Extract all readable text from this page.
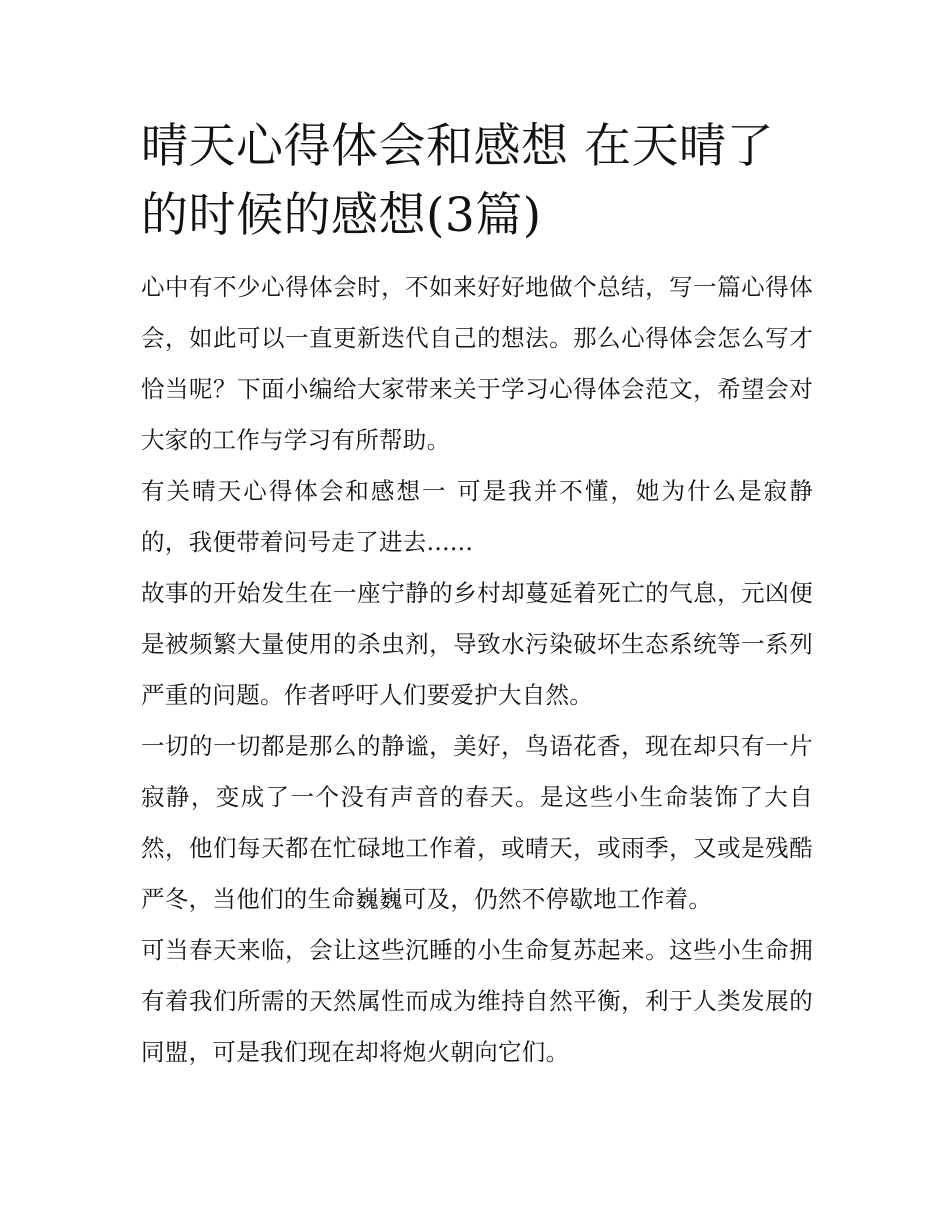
晴天心得体会和感想 在天晴了的时候的感想(3篇)

心中有不少心得体会时，不如来好好地做个总结，写一篇心得体会，如此可以一直更新迭代自己的想法。那么心得体会怎么写才恰当呢？下面小编给大家带来关于学习心得体会范文，希望会对大家的工作与学习有所帮助。

有关晴天心得体会和感想一 可是我并不懂，她为什么是寂静的，我便带着问号走了进去......

故事的开始发生在一座宁静的乡村却蔓延着死亡的气息，元凶便是被频繁大量使用的杀虫剂，导致水污染破坏生态系统等一系列严重的问题。作者呼吁人们要爱护大自然。

一切的一切都是那么的静谧，美好，鸟语花香，现在却只有一片寂静，变成了一个没有声音的春天。是这些小生命装饰了大自然，他们每天都在忙碌地工作着，或晴天，或雨季，又或是残酷严冬，当他们的生命巍巍可及，仍然不停歇地工作着。

可当春天来临，会让这些沉睡的小生命复苏起来。这些小生命拥有着我们所需的天然属性而成为维持自然平衡，利于人类发展的同盟，可是我们现在却将炮火朝向它们。
